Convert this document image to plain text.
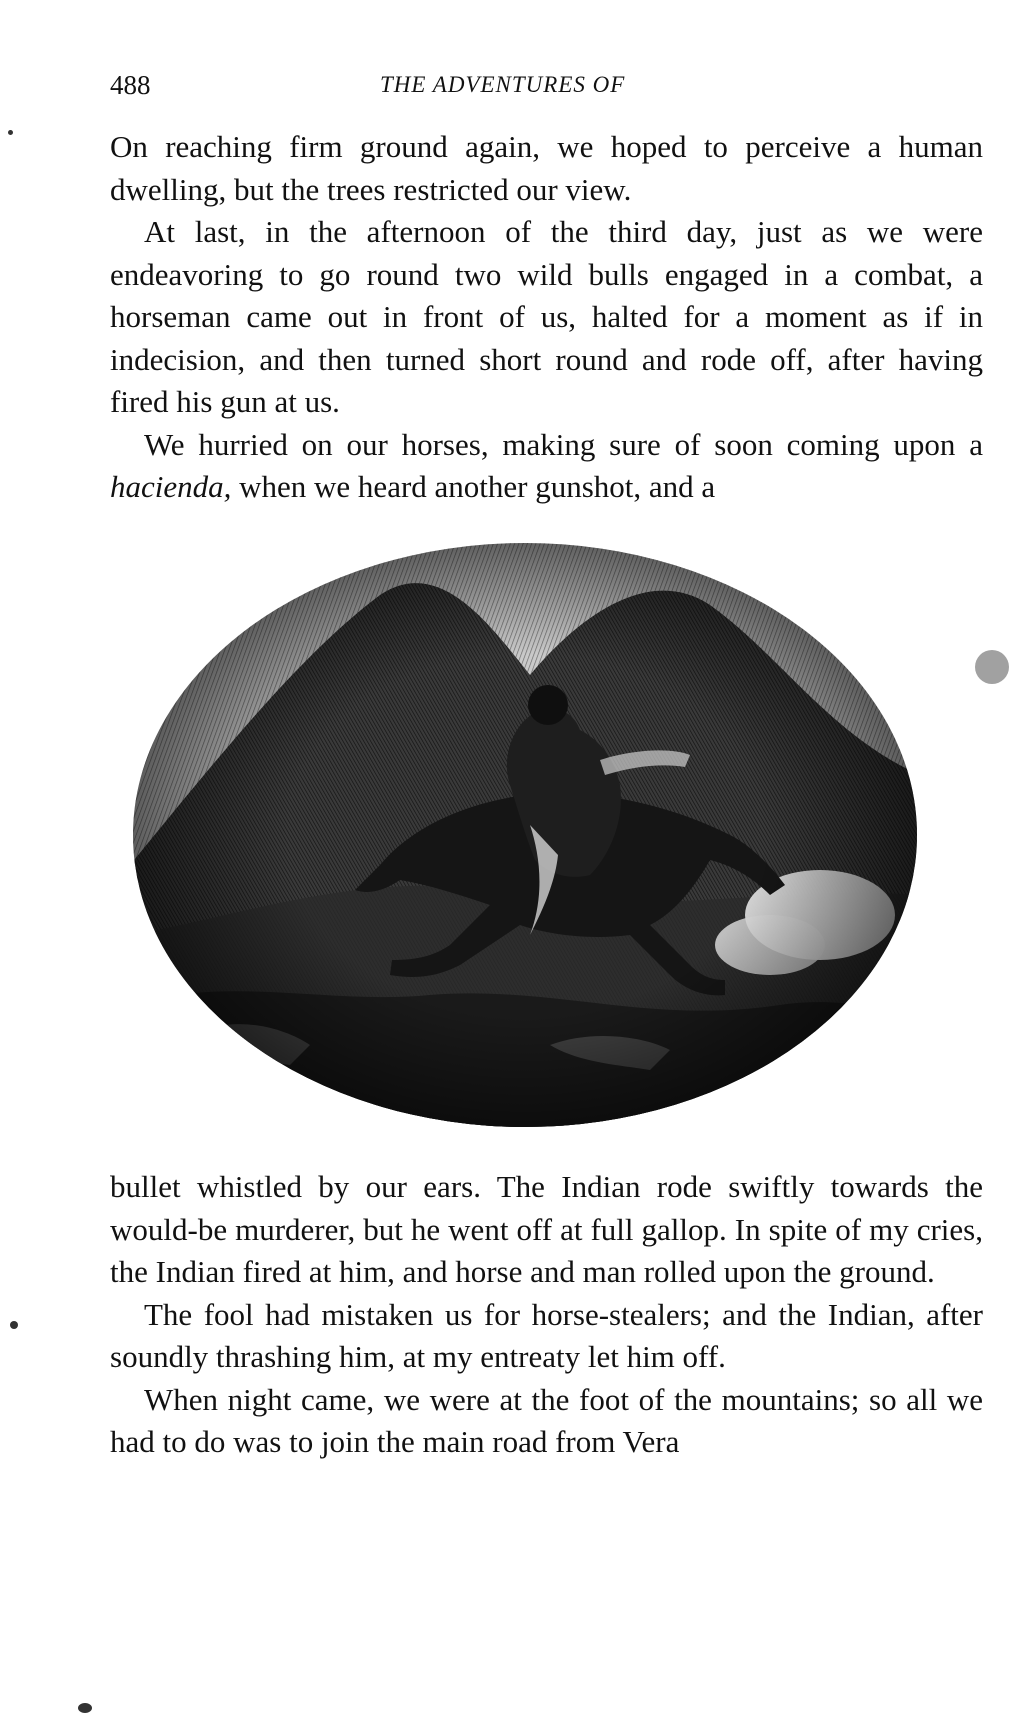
488	THE ADVENTURES OF

On reaching firm ground again, we hoped to perceive a human dwelling, but the trees restricted our view.

At last, in the afternoon of the third day, just as we were endeavoring to go round two wild bulls engaged in a combat, a horseman came out in front of us, halted for a moment as if in indecision, and then turned short round and rode off, after having fired his gun at us.

We hurried on our horses, making sure of soon coming upon a hacienda, when we heard another gunshot, and a

bullet whistled by our ears. The Indian rode swiftly towards the would-be murderer, but he went off at full gallop. In spite of my cries, the Indian fired at him, and horse and man rolled upon the ground.

The fool had mistaken us for horse-stealers; and the Indian, after soundly thrashing him, at my entreaty let him off.

When night came, we were at the foot of the mountains; so all we had to do was to join the main road from Vera
